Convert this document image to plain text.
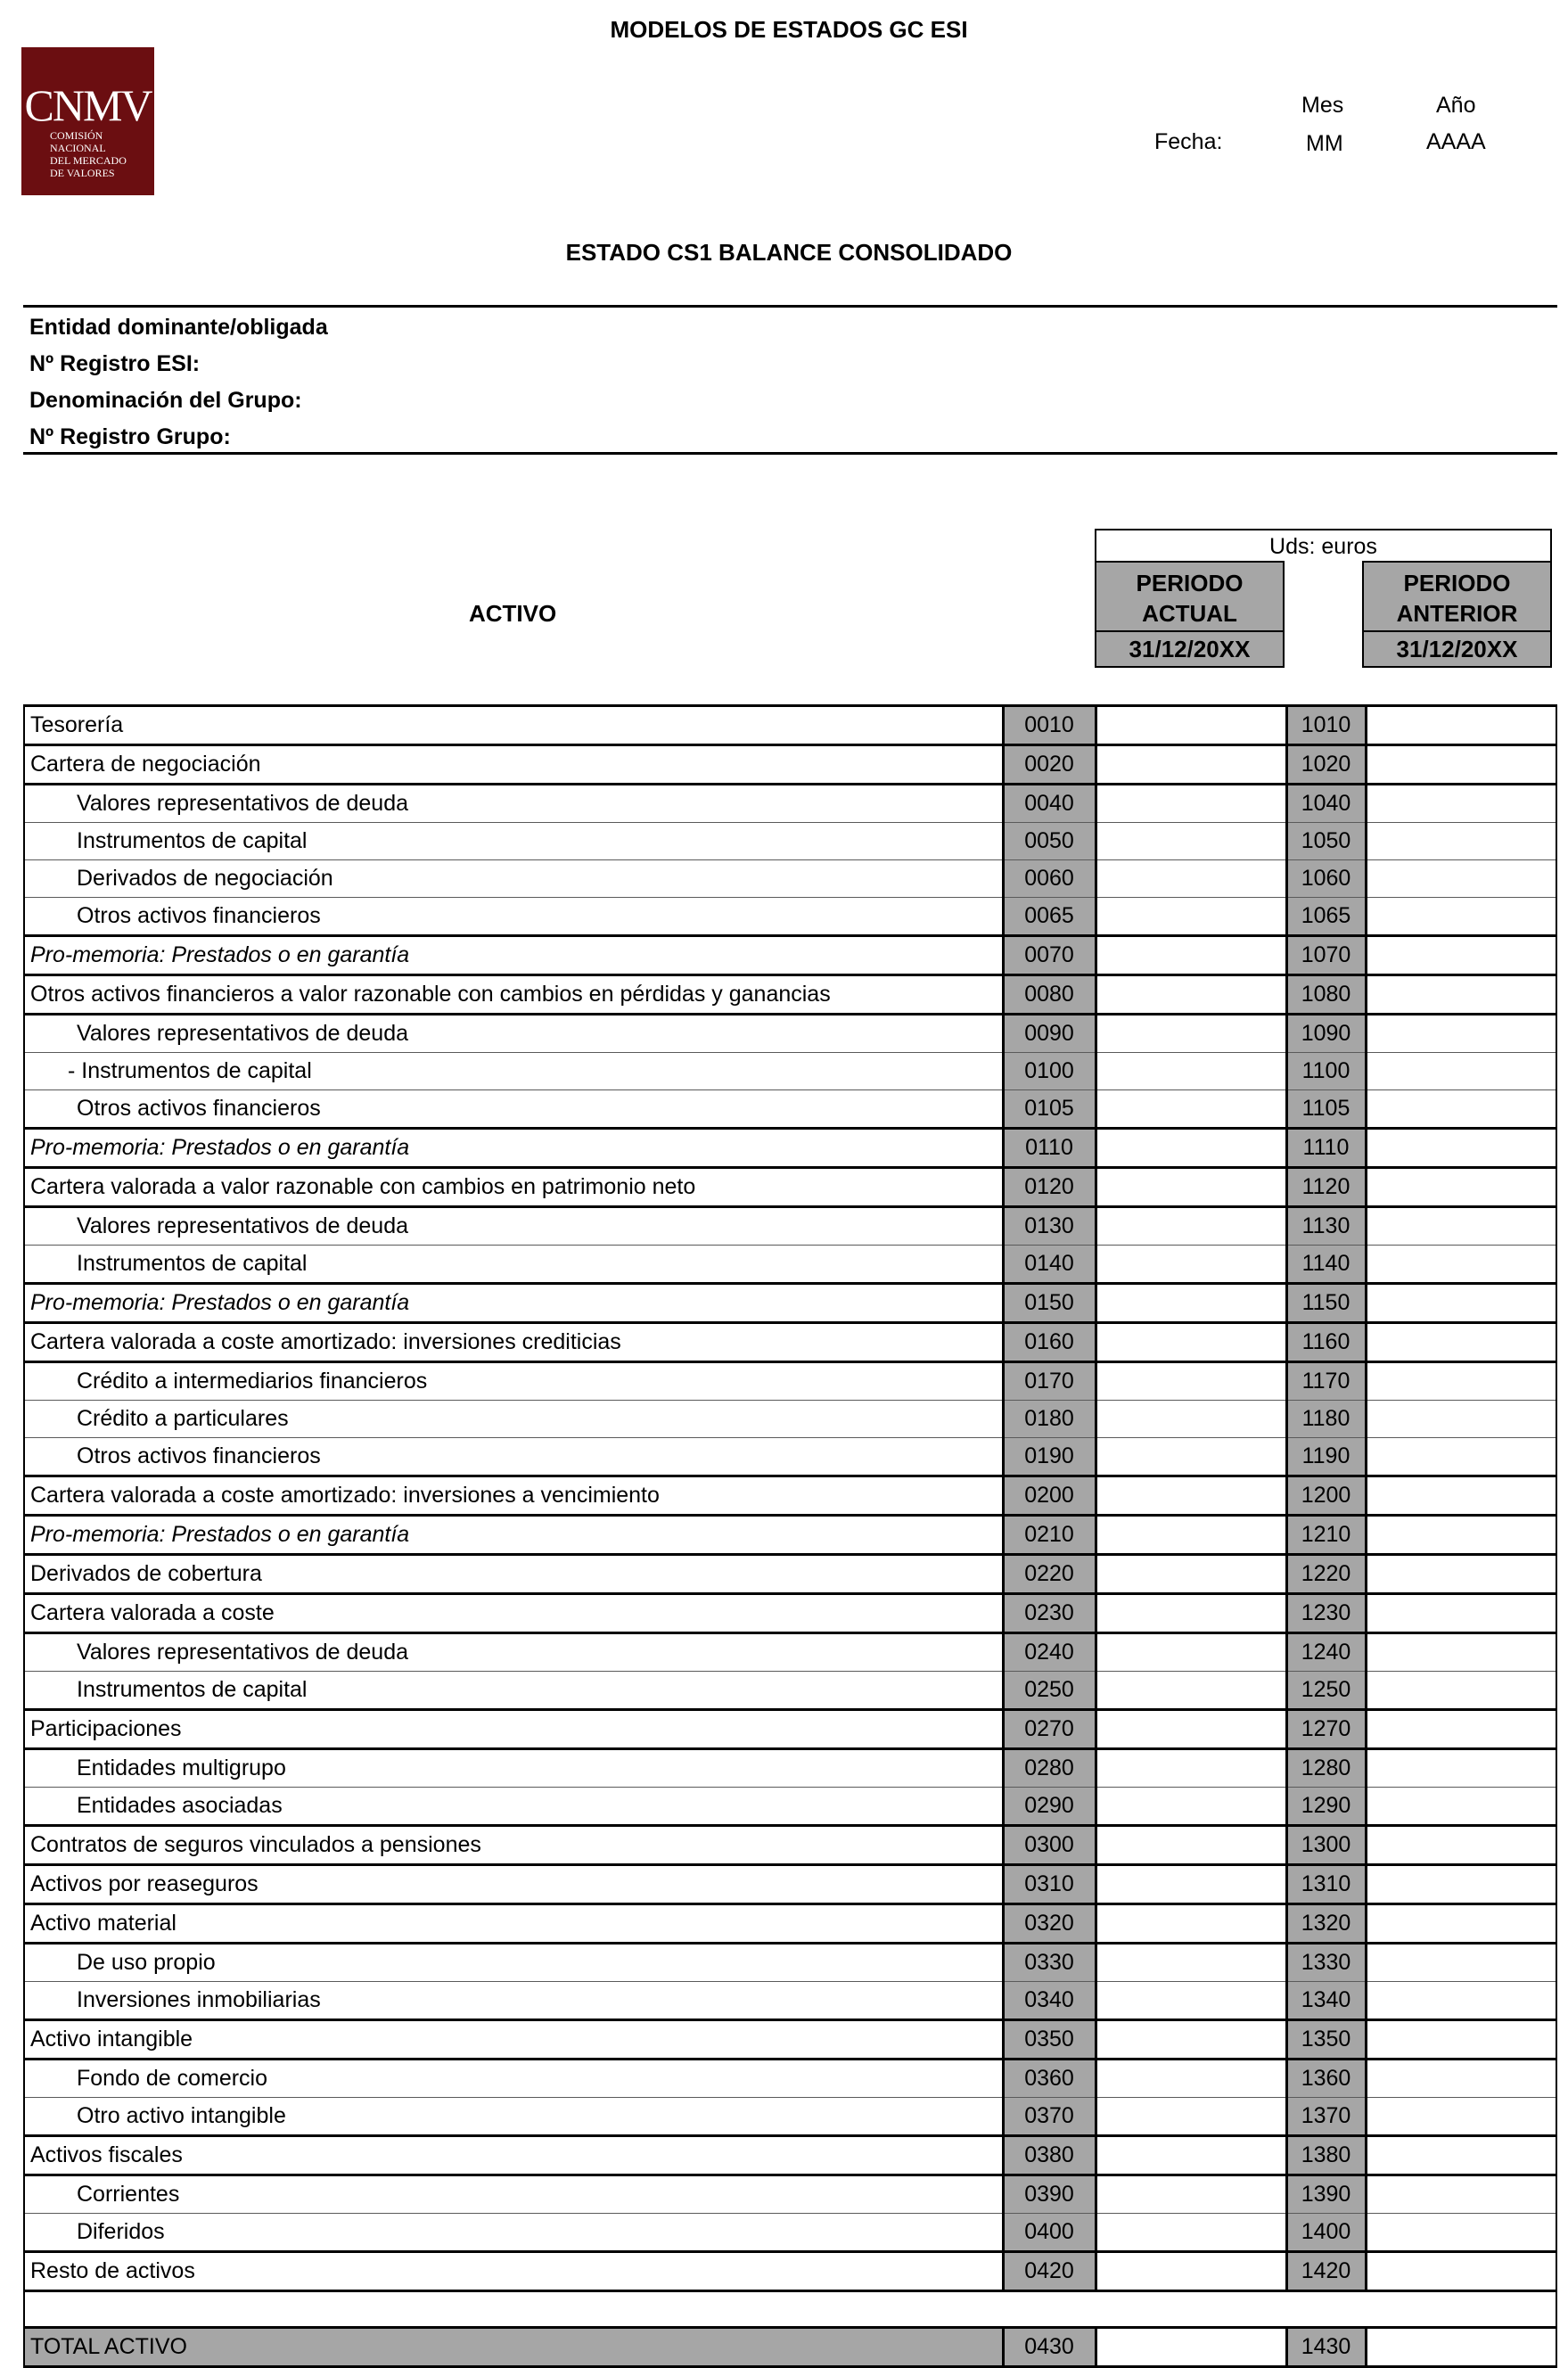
MODELOS DE ESTADOS GC ESI
CNMV
COMISIÓN
NACIONAL
DEL MERCADO
DE VALORES
Mes	Año
Fecha:	MM	AAAA
ESTADO CS1 BALANCE CONSOLIDADO
Entidad dominante/obligada
Nº Registro ESI:
Denominación del Grupo:
Nº Registro Grupo:
Uds: euros
PERIODO
ACTUAL
31/12/20XX
PERIODO
ANTERIOR
31/12/20XX
ACTIVO
Tesorería	0010		1010	
Cartera de negociación	0020		1020	
Valores representativos de deuda	0040		1040	
Instrumentos de capital	0050		1050	
Derivados de negociación	0060		1060	
Otros activos financieros	0065		1065	
Pro-memoria: Prestados o en garantía	0070		1070	
Otros activos financieros a valor razonable con cambios en pérdidas y ganancias	0080		1080	
Valores representativos de deuda	0090		1090	
- Instrumentos de capital	0100		1100	
Otros activos financieros	0105		1105	
Pro-memoria: Prestados o en garantía	0110		1110	
Cartera valorada a valor razonable con cambios en patrimonio neto	0120		1120	
Valores representativos de deuda	0130		1130	
Instrumentos de capital	0140		1140	
Pro-memoria: Prestados o en garantía	0150		1150	
Cartera valorada a coste amortizado: inversiones crediticias	0160		1160	
Crédito a intermediarios financieros	0170		1170	
Crédito a particulares	0180		1180	
Otros activos financieros	0190		1190	
Cartera valorada a coste amortizado: inversiones a vencimiento	0200		1200	
Pro-memoria: Prestados o en garantía	0210		1210	
Derivados de cobertura	0220		1220	
Cartera valorada a coste	0230		1230	
Valores representativos de deuda	0240		1240	
Instrumentos de capital	0250		1250	
Participaciones	0270		1270	
Entidades multigrupo	0280		1280	
Entidades asociadas	0290		1290	
Contratos de seguros vinculados a pensiones	0300		1300	
Activos por reaseguros	0310		1310	
Activo material	0320		1320	
De uso propio	0330		1330	
Inversiones inmobiliarias	0340		1340	
Activo intangible	0350		1350	
Fondo de comercio	0360		1360	
Otro activo intangible	0370		1370	
Activos fiscales	0380		1380	
Corrientes	0390		1390	
Diferidos	0400		1400	
Resto de activos	0420		1420	

TOTAL ACTIVO	0430		1430	
